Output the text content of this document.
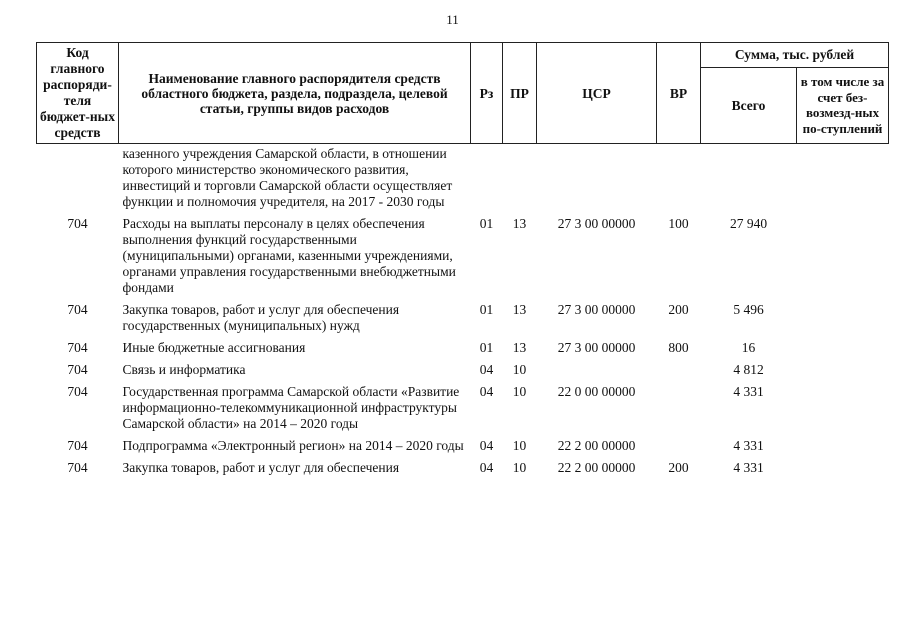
11
Код главного распоряди-теля бюджет-ных средств	Наименование главного распорядителя средств областного бюджета, раздела, подраздела, целевой статьи, группы видов расходов	Рз	ПР	ЦСР	ВР	Сумма, тыс. рублей	
						Всего	в том числе за счет без-возмезд-ных по-ступлений
	казенного учреждения Самарской области, в отношении которого министерство экономического развития, инвестиций и торговли Самарской области осуществляет функции и полномочия учредителя, на 2017 - 2030 годы						
704	Расходы на выплаты персоналу в целях обеспечения выполнения функций государственными (муниципальными) органами, казенными учреждениями, органами управления государственными внебюджетными фондами	01	13	27 3 00 00000	100	27 940	
704	Закупка товаров, работ и услуг для обеспечения государственных (муниципальных) нужд	01	13	27 3 00 00000	200	5 496	
704	Иные бюджетные ассигнования	01	13	27 3 00 00000	800	16	
704	Связь и информатика	04	10			4 812	
704	Государственная программа Самарской области «Развитие информационно-телекоммуникационной инфраструктуры Самарской области» на 2014 – 2020 годы	04	10	22 0 00 00000		4 331	
704	Подпрограмма «Электронный регион» на 2014 – 2020 годы	04	10	22 2 00 00000		4 331	
704	Закупка товаров, работ и услуг для обеспечения	04	10	22 2 00 00000	200	4 331	
